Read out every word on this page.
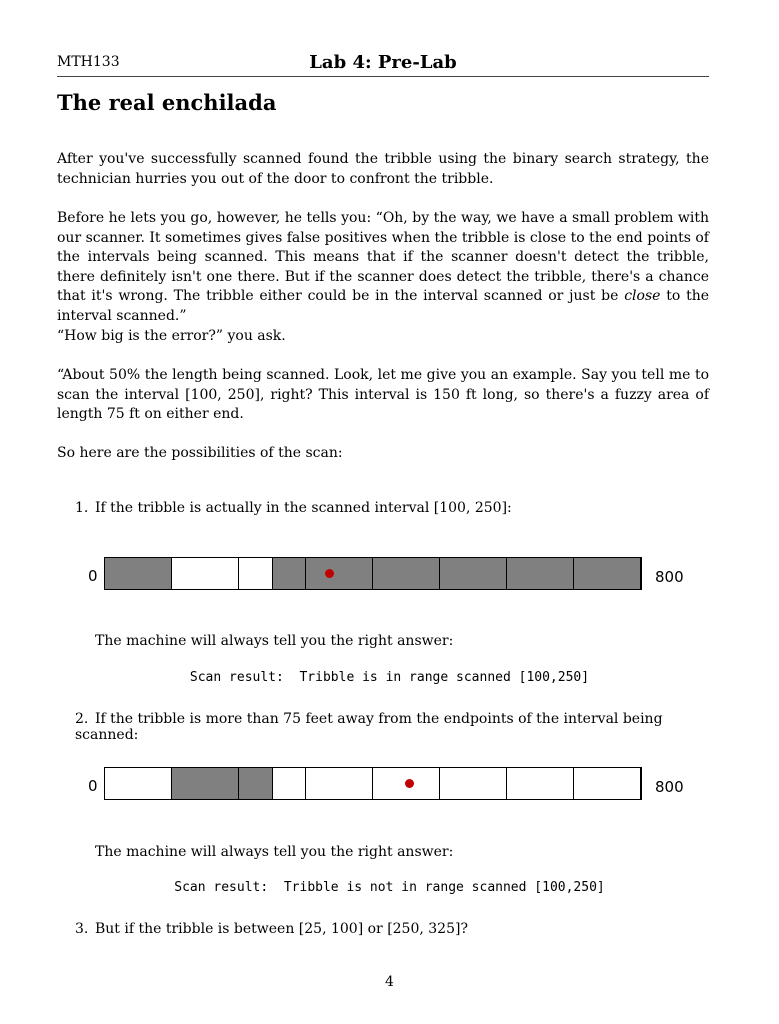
MTH133	Lab 4: Pre-Lab
The real enchilada

After you've successfully scanned found the tribble using the binary search strategy, the technician hurries you out of the door to confront the tribble.

Before he lets you go, however, he tells you: “Oh, by the way, we have a small problem with our scanner. It sometimes gives false positives when the tribble is close to the end points of the intervals being scanned. This means that if the scanner doesn't detect the tribble, there definitely isn't one there. But if the scanner does detect the tribble, there's a chance that it's wrong. The tribble either could be in the interval scanned or just be close to the interval scanned.”

“How big is the error?” you ask.

“About 50% the length being scanned. Look, let me give you an example. Say you tell me to scan the interval [100, 250], right? This interval is 150 ft long, so there's a fuzzy area of length 75 ft on either end.

So here are the possibilities of the scan:

1. If the tribble is actually in the scanned interval [100, 250]:
0	800
The machine will always tell you the right answer:
Scan result:  Tribble is in range scanned [100,250]
2. If the tribble is more than 75 feet away from the endpoints of the interval being scanned:
0	800
The machine will always tell you the right answer:
Scan result:  Tribble is not in range scanned [100,250]
3. But if the tribble is between [25, 100] or [250, 325]?
4
